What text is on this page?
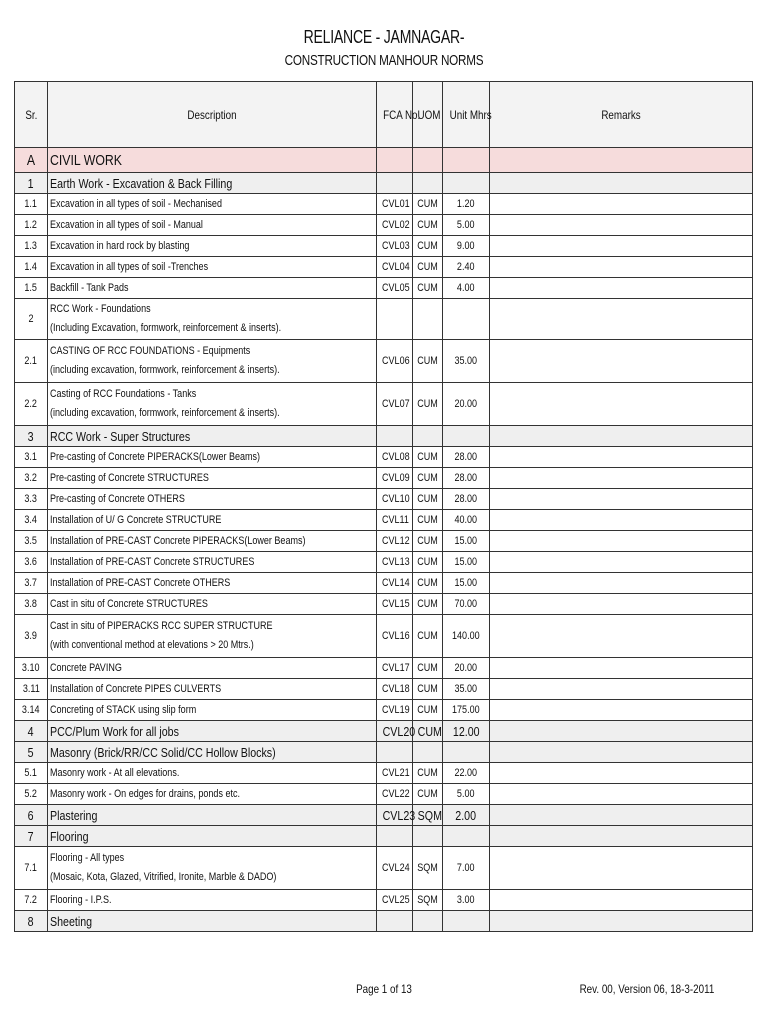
RELIANCE - JAMNAGAR-
CONSTRUCTION MANHOUR NORMS
Sr.	Description	FCA No.	UOM	Unit Mhrs	Remarks
A	CIVIL WORK				
1	Earth Work - Excavation & Back Filling				
1.1	Excavation in all types of soil - Mechanised	CVL01	CUM	1.20	
1.2	Excavation in all types of soil - Manual	CVL02	CUM	5.00	
1.3	Excavation in hard rock by blasting	CVL03	CUM	9.00	
1.4	Excavation in all types of soil -Trenches	CVL04	CUM	2.40	
1.5	Backfill - Tank Pads	CVL05	CUM	4.00	
2	RCC Work - Foundations
(Including Excavation, formwork, reinforcement & inserts).				

2.1	CASTING OF RCC FOUNDATIONS - Equipments
(including excavation, formwork, reinforcement & inserts).	CVL06	CUM	35.00	
2.2	Casting of RCC Foundations - Tanks
(including excavation, formwork, reinforcement & inserts).	CVL07	CUM	20.00	
3	RCC Work - Super Structures				
3.1	Pre-casting of Concrete PIPERACKS(Lower Beams)	CVL08	CUM	28.00	
3.2	Pre-casting of Concrete STRUCTURES	CVL09	CUM	28.00	
3.3	Pre-casting of Concrete OTHERS	CVL10	CUM	28.00	
3.4	Installation of U/ G Concrete STRUCTURE	CVL11	CUM	40.00	
3.5	Installation of PRE-CAST Concrete PIPERACKS(Lower Beams)	CVL12	CUM	15.00	
3.6	Installation of PRE-CAST Concrete STRUCTURES	CVL13	CUM	15.00	
3.7	Installation of PRE-CAST Concrete OTHERS	CVL14	CUM	15.00	
3.8	Cast in situ of Concrete STRUCTURES	CVL15	CUM	70.00	
3.9	Cast in situ of PIPERACKS RCC SUPER STRUCTURE
(with conventional method at elevations > 20 Mtrs.)	CVL16	CUM	140.00	
3.10	Concrete PAVING	CVL17	CUM	20.00	
3.11	Installation of Concrete PIPES CULVERTS	CVL18	CUM	35.00	
3.14	Concreting of STACK using slip form	CVL19	CUM	175.00	
4	PCC/Plum Work for all jobs	CVL20	CUM	12.00	
5	Masonry (Brick/RR/CC Solid/CC Hollow Blocks)				
5.1	Masonry work - At all elevations.	CVL21	CUM	22.00	
5.2	Masonry work - On edges for drains, ponds etc.	CVL22	CUM	5.00	
6	Plastering	CVL23	SQM	2.00	
7	Flooring				
7.1	Flooring - All types
(Mosaic, Kota, Glazed, Vitrified, Ironite, Marble & DADO)	CVL24	SQM	7.00	
7.2	Flooring - I.P.S.	CVL25	SQM	3.00	
8	Sheeting				
Page 1 of 13	Rev. 00, Version 06, 18-3-2011
